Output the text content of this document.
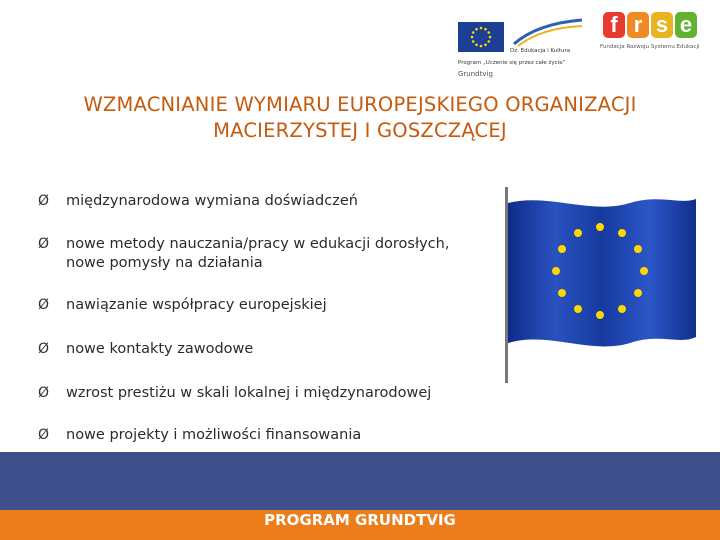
Dz. Edukacja i Kultura
Program „Uczenie się przez całe życie”
Grundtvig
f r s e
Fundacja Rozwoju Systemu Edukacji
WZMACNIANIE WYMIARU EUROPEJSKIEGO ORGANIZACJI
MACIERZYSTEJ I GOSZCZĄCEJ
Ø międzynarodowa wymiana doświadczeń
Ø nowe metody nauczania/pracy w edukacji dorosłych, nowe pomysły na działania
Ø nawiązanie współpracy europejskiej
Ø nowe kontakty zawodowe
Ø wzrost prestiżu w skali lokalnej i międzynarodowej
Ø nowe projekty i możliwości finansowania
PROGRAM GRUNDTVIG
